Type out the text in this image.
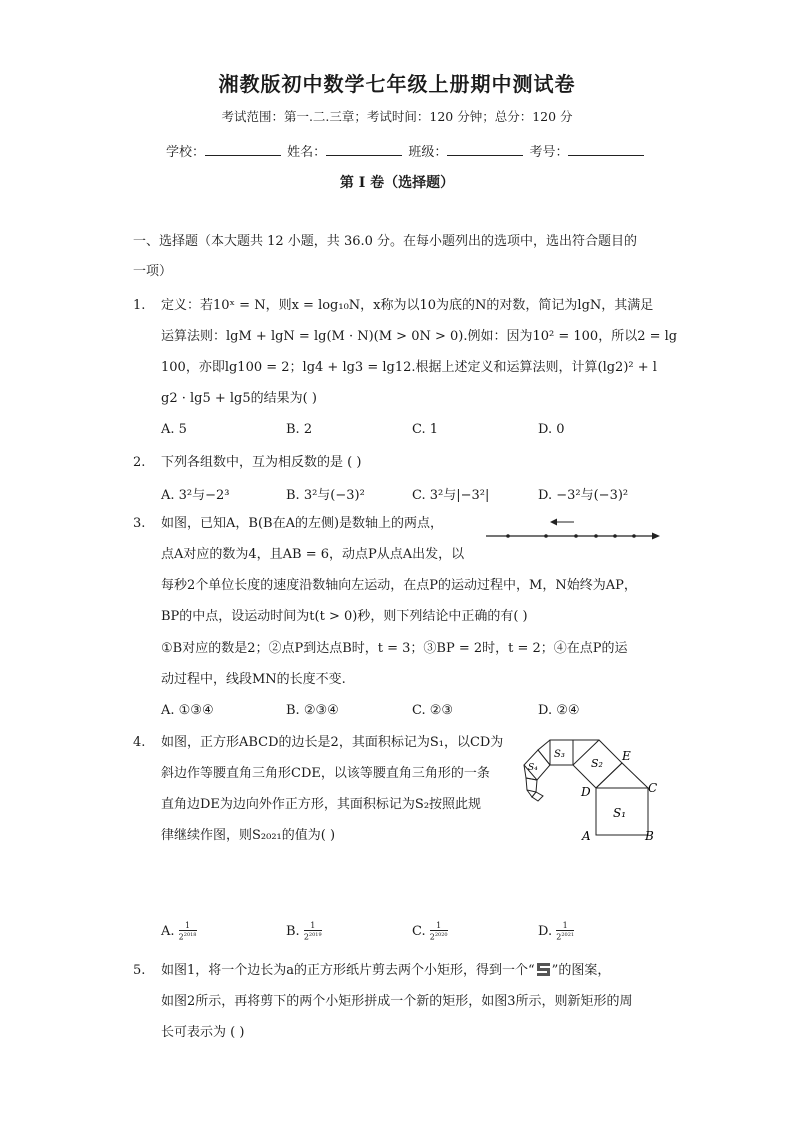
湘教版初中数学七年级上册期中测试卷
考试范围：第一.二.三章；考试时间：120 分钟；总分：120 分
学校：	姓名：	班级：	考号：
第 I 卷（选择题）
一、选择题（本大题共 12 小题，共 36.0 分。在每小题列出的选项中，选出符合题目的
一项）
1. 定义：若10ˣ = N，则x = log₁₀N，x称为以10为底的N的对数，简记为lgN，其满足
运算法则：lgM + lgN = lg(M · N)(M > 0N > 0).例如：因为10² = 100，所以2 = lg
100，亦即lg100 = 2；lg4 + lg3 = lg12.根据上述定义和运算法则，计算(lg2)² + l
g2 · lg5 + lg5的结果为( )
A. 5	B. 2	C. 1	D. 0
2. 下列各组数中，互为相反数的是 ( )
A. 3²与−2³	B. 3²与(−3)²	C. 3²与|−3²|	D. −3²与(−3)²
3. 如图，已知A，B(B在A的左侧)是数轴上的两点，
点A对应的数为4，且AB = 6，动点P从点A出发，以
每秒2个单位长度的速度沿数轴向左运动，在点P的运动过程中，M，N始终为AP，
BP的中点，设运动时间为t(t > 0)秒，则下列结论中正确的有( )
①B对应的数是2；②点P到达点B时，t = 3；③BP = 2时，t = 2；④在点P的运
动过程中，线段MN的长度不变.
A. ①③④	B. ②③④	C. ②③	D. ②④
4. 如图，正方形ABCD的边长是2，其面积标记为S₁，以CD为
斜边作等腰直角三角形CDE，以该等腰直角三角形的一条
直角边DE为边向外作正方形，其面积标记为S₂按照此规
律继续作图，则S₂₀₂₁的值为( )
S₁
S₂
S₃
S₄
A	B
C
D
E
A. $\frac{1}{2^{2018}}$	B. $\frac{1}{2^{2019}}$	C. $\frac{1}{2^{2020}}$	D. $\frac{1}{2^{2021}}$
5. 如图1，将一个边长为a的正方形纸片剪去两个小矩形，得到一个“ ”的图案，
如图2所示，再将剪下的两个小矩形拼成一个新的矩形，如图3所示，则新矩形的周
长可表示为 ( )
